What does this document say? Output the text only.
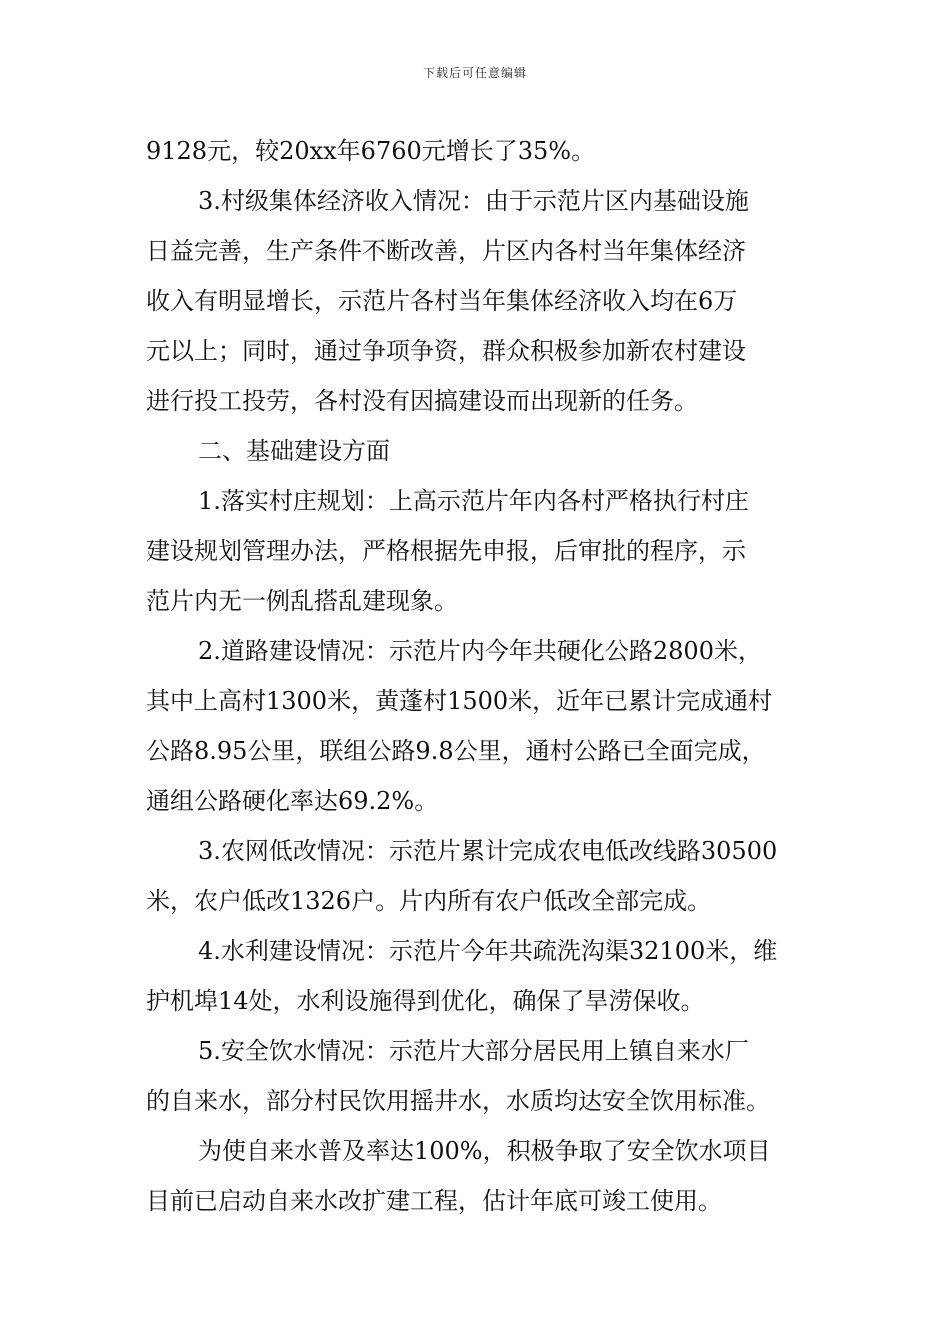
下载后可任意编辑
9128元，较20xx年6760元增长了35%。
3.村级集体经济收入情况：由于示范片区内基础设施
日益完善，生产条件不断改善，片区内各村当年集体经济
收入有明显增长，示范片各村当年集体经济收入均在6万
元以上；同时，通过争项争资，群众积极参加新农村建设
进行投工投劳，各村没有因搞建设而出现新的任务。
二、基础建设方面
1.落实村庄规划：上高示范片年内各村严格执行村庄
建设规划管理办法，严格根据先申报，后审批的程序，示
范片内无一例乱搭乱建现象。
2.道路建设情况：示范片内今年共硬化公路2800米，
其中上高村1300米，黄蓬村1500米，近年已累计完成通村
公路8.95公里，联组公路9.8公里，通村公路已全面完成，
通组公路硬化率达69.2%。
3.农网低改情况：示范片累计完成农电低改线路30500
米，农户低改1326户。片内所有农户低改全部完成。
4.水利建设情况：示范片今年共疏洗沟渠32100米，维
护机埠14处，水利设施得到优化，确保了旱涝保收。
5.安全饮水情况：示范片大部分居民用上镇自来水厂
的自来水，部分村民饮用摇井水，水质均达安全饮用标准。
为使自来水普及率达100%，积极争取了安全饮水项目
目前已启动自来水改扩建工程，估计年底可竣工使用。
